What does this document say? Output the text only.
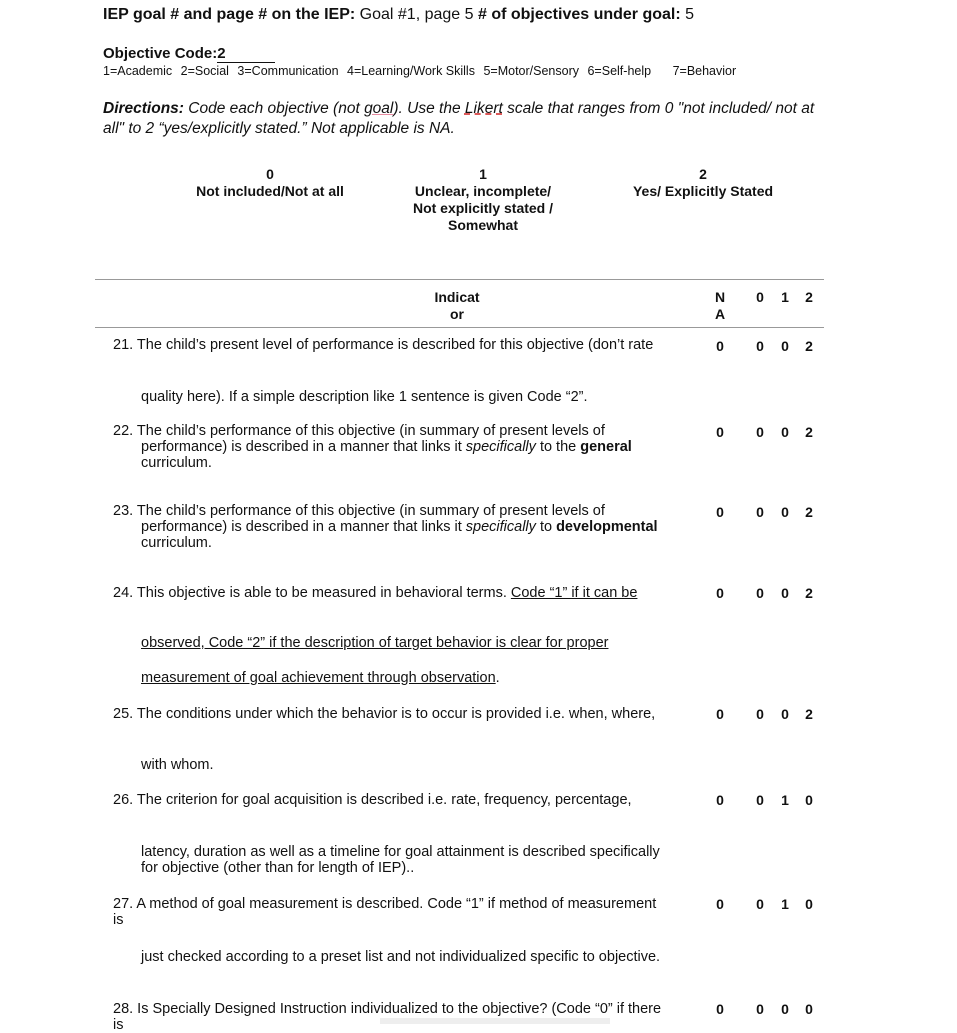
IEP goal # and page # on the IEP: Goal #1, page 5 # of objectives under goal: 5
Objective Code:2
1=Academic 2=Social 3=Communication 4=Learning/Work Skills 5=Motor/Sensory 6=Self-help 7=Behavior
Directions: Code each objective (not goal). Use the Likert scale that ranges from 0 "not included/ not at all" to 2 “yes/explicitly stated.” Not applicable is NA.
0
Not included/Not at all
1
Unclear, incomplete/
Not explicitly stated /
Somewhat
2
Yes/ Explicitly Stated
Indicat
or
N
A
0 1 2
21. The child’s present level of performance is described for this objective (don’t rate
quality here). If a simple description like 1 sentence is given Code “2”.
0 0 0 2
22. The child’s performance of this objective (in summary of present levels of
performance) is described in a manner that links it specifically to the general
curriculum.
0 0 0 2
23. The child’s performance of this objective (in summary of present levels of
performance) is described in a manner that links it specifically to developmental
curriculum.
0 0 0 2
24. This objective is able to be measured in behavioral terms. Code “1” if it can be
observed, Code “2” if the description of target behavior is clear for proper
measurement of goal achievement through observation.
0 0 0 2
25. The conditions under which the behavior is to occur is provided i.e. when, where,
with whom.
0 0 0 2
26. The criterion for goal acquisition is described i.e. rate, frequency, percentage,
latency, duration as well as a timeline for goal attainment is described specifically
for objective (other than for length of IEP)..
0 0 1 0
27. A method of goal measurement is described. Code “1” if method of measurement
is
just checked according to a preset list and not individualized specific to objective.
0 0 1 0
28. Is Specially Designed Instruction individualized to the objective? (Code “0” if there
is
0 0 0 0
